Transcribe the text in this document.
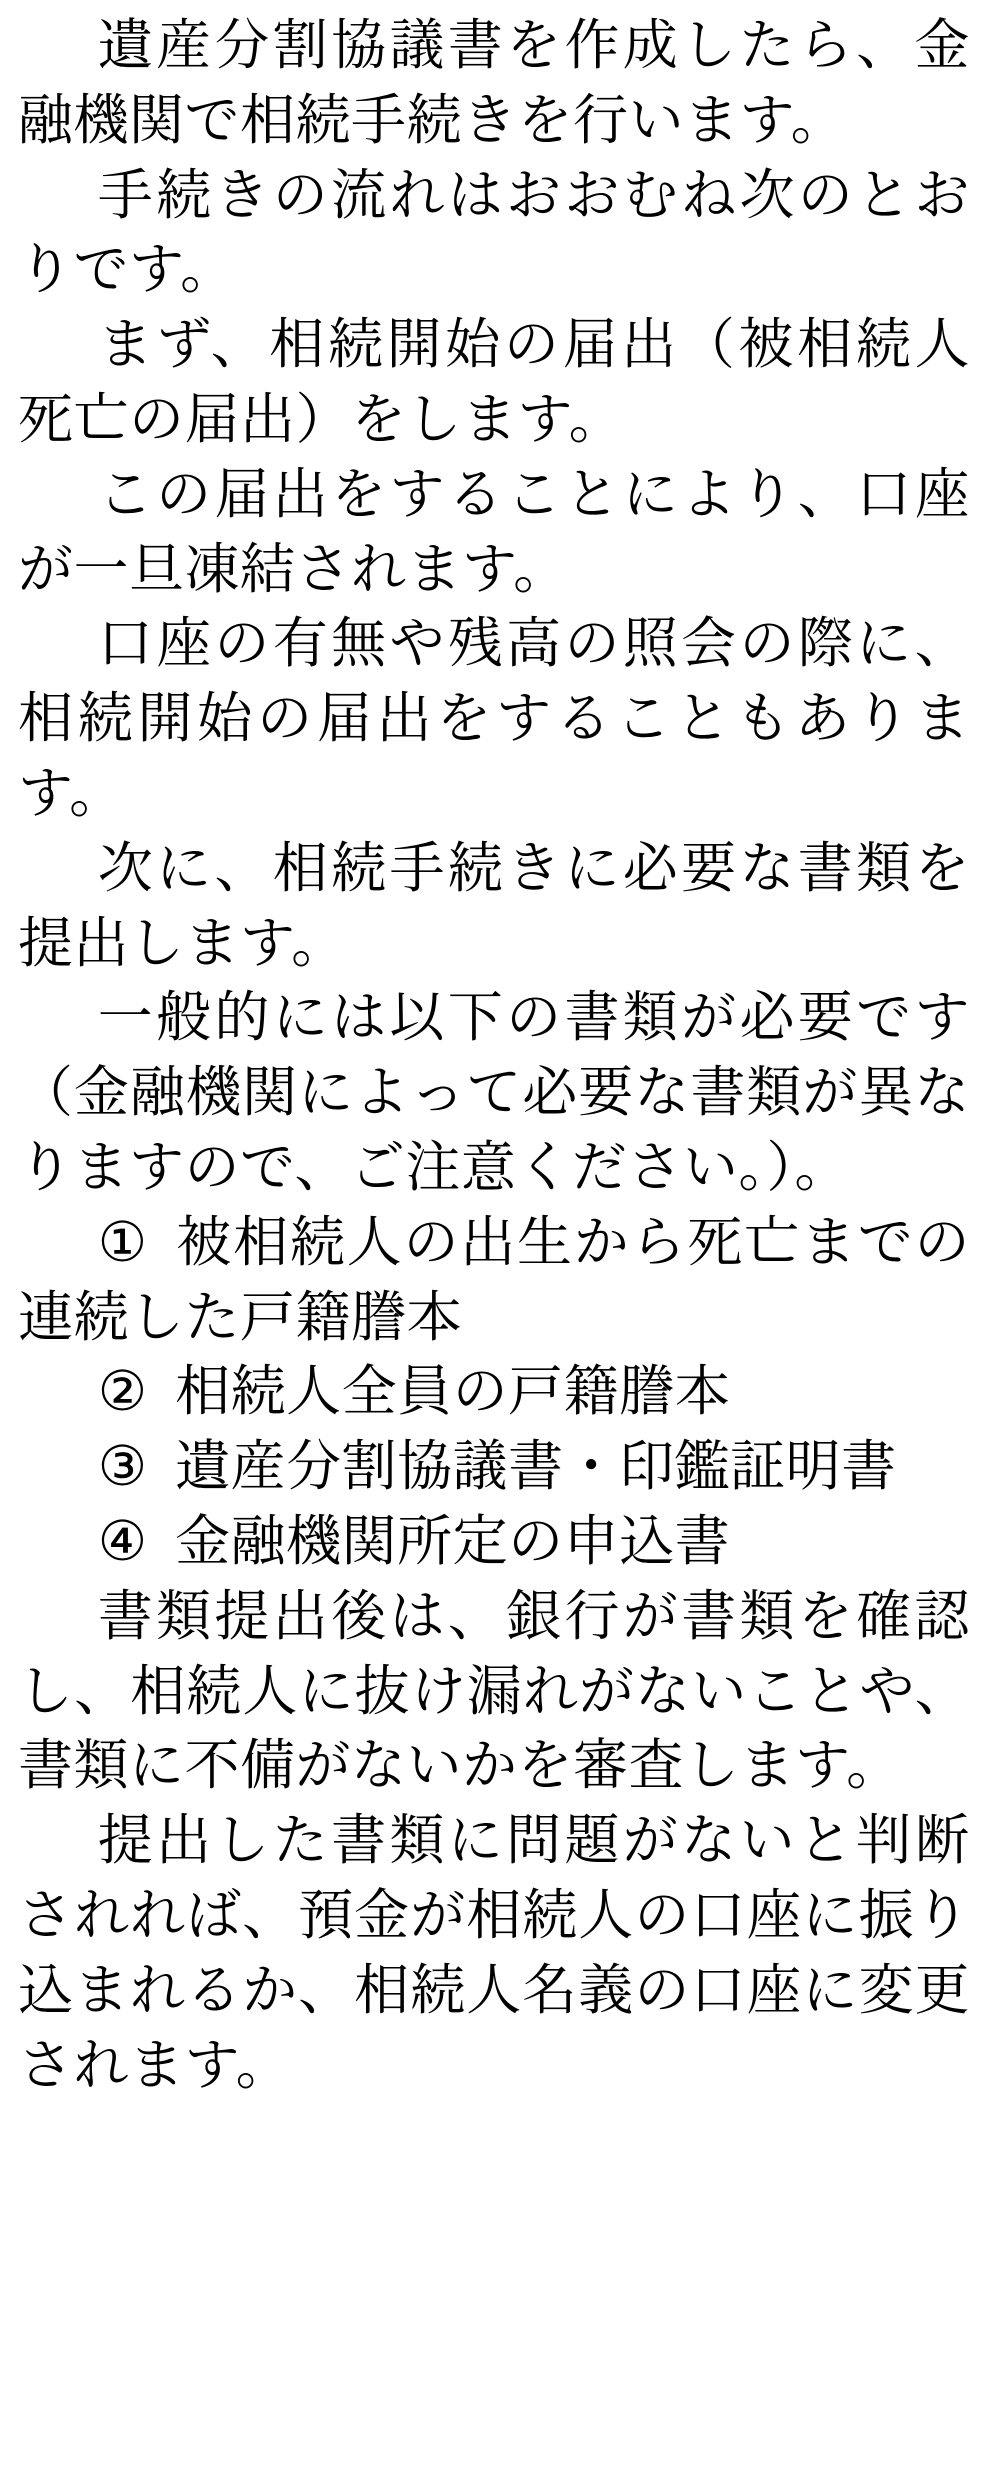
遺産分割協議書を作成したら、金融機関で相続手続きを行います。

手続きの流れはおおむね次のとおりです。

まず、相続開始の届出（被相続人死亡の届出）をします。

この届出をすることにより、口座が一旦凍結されます。

口座の有無や残高の照会の際に、相続開始の届出をすることもあります。

次に、相続手続きに必要な書類を提出します。

一般的には以下の書類が必要です（金融機関によって必要な書類が異なりますので、ご注意ください。）。

① 被相続人の出生から死亡までの連続した戸籍謄本

② 相続人全員の戸籍謄本

③ 遺産分割協議書・印鑑証明書

④ 金融機関所定の申込書

書類提出後は、銀行が書類を確認し、相続人に抜け漏れがないことや、書類に不備がないかを審査します。

提出した書類に問題がないと判断されれば、預金が相続人の口座に振り込まれるか、相続人名義の口座に変更されます。
